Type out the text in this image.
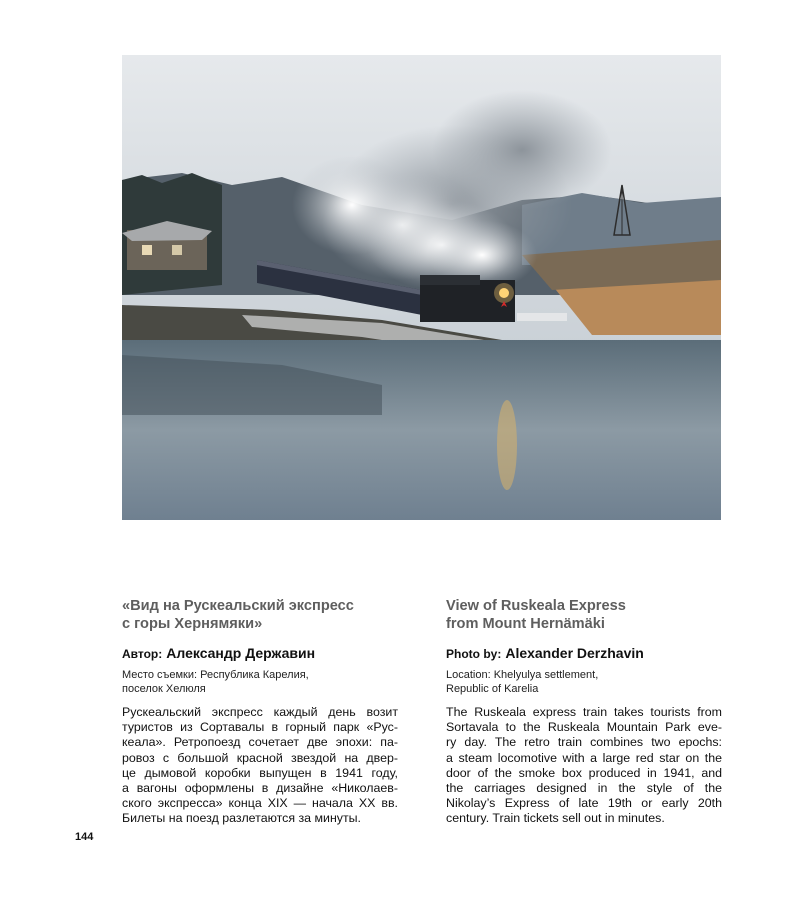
«Вид на Рускеальский экспресс
с горы Хернямяки»
Автор: Александр Державин
Место съемки: Республика Карелия,
поселок Хелюля
Рускеальский экспресс каждый день возит
туристов из Сортавалы в горный парк «Рус-
кеала». Ретропоезд сочетает две эпохи: па-
ровоз с большой красной звездой на двер-
це дымовой коробки выпущен в 1941 году,
а вагоны оформлены в дизайне «Николаев-
ского экспресса» конца XIX — начала XX вв.
Билеты на поезд разлетаются за минуты.
View of Ruskeala Express
from Mount Hernämäki
Photo by: Alexander Derzhavin
Location: Khelyulya settlement,
Republic of Karelia
The Ruskeala express train takes tourists from
Sortavala to the Ruskeala Mountain Park eve-
ry day. The retro train combines two epochs:
a steam locomotive with a large red star on the
door of the smoke box produced in 1941, and
the carriages designed in the style of the
Nikolay’s Express of late 19th or early 20th
century. Train tickets sell out in minutes.
144
